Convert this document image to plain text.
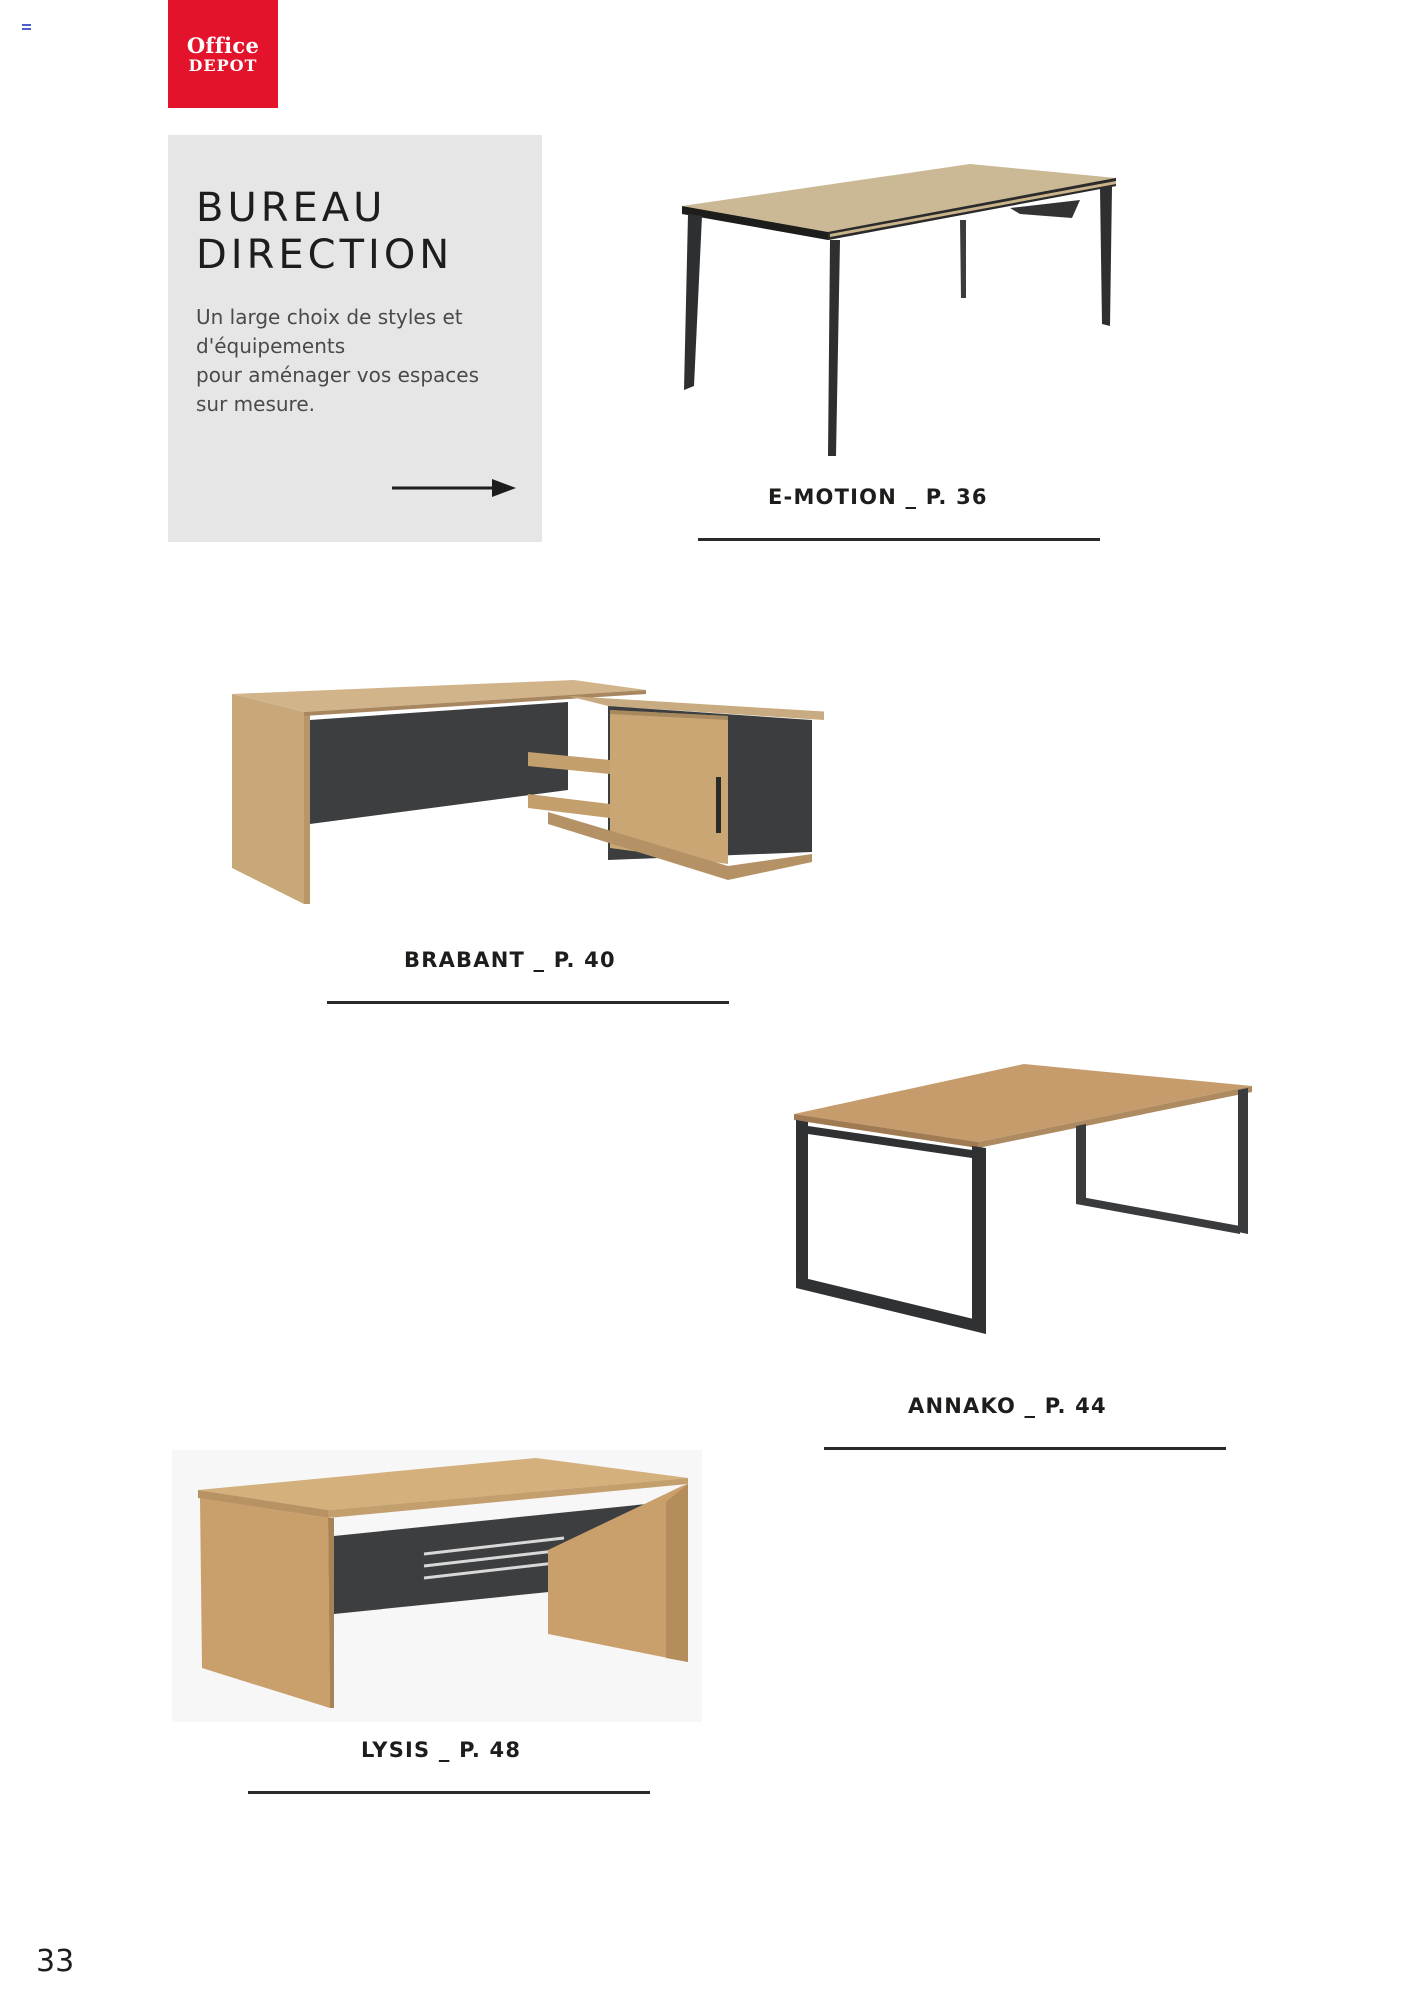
Office
DEPOT
BUREAU
DIRECTION

Un large choix de styles et
d'équipements
pour aménager vos espaces
sur mesure.

E-MOTION _ P. 36
BRABANT _ P. 40
ANNAKO _ P. 44
LYSIS _ P. 48
33
